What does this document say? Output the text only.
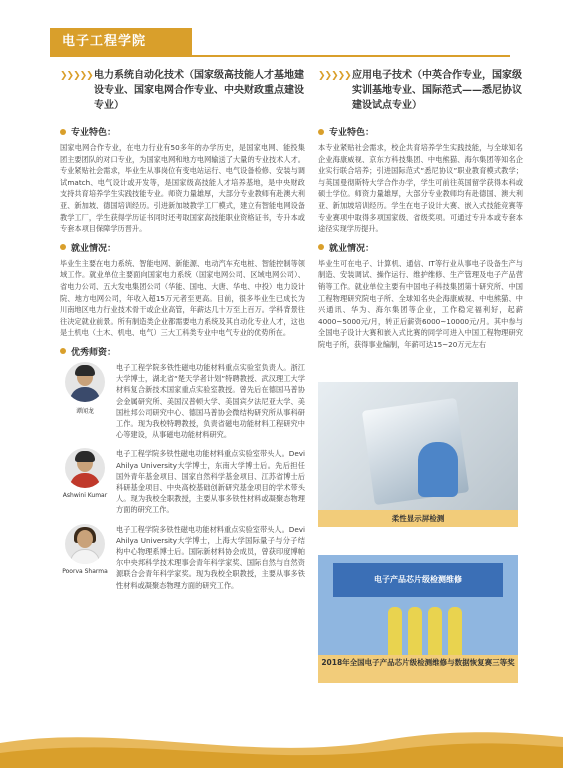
电子工程学院
❯❯❯❯❯ 电力系统自动化技术（国家级高技能人才基地建设专业、国家电网合作专业、中央财政重点建设专业）
专业特色：
国家电网合作专业，在电力行业有50多年的办学历史，是国家电网、能投集团主要团队的对口专业，为国家电网和地方电网输送了大量的专业技术人才。专业紧贴社会需求，毕业生从事岗位有变电站运行、电气设备检修、安装与调试match、电气设计或开发等，是国家级高技能人才培养基地，是中央财政支持共育培养学生实践技能专业。师资力量雄厚，大部分专业教师有赴澳大利亚、新加坡、德国培训经历。引进新加坡教学工厂模式，建立有智能电网设备教学工厂，学生获得学历证书同时还考取国家高技能职业资格证书，专升本或专套本项目保障学历晋升。
就业情况：
毕业生主要在电力系统、智能电网、新能源、电动汽车充电桩、智能控制等领域工作。就业单位主要面向国家电力系统（国家电网公司、区域电网公司）、省电力公司、五大发电集团公司（华能、国电、大唐、华电、中投）电力设计院、地方电网公司，年收入超15万元者至更高。目前，很多毕业生已成长为川南地区电力行业技术骨干或企业高管，年薪达几十万至上百万。学科背景往往决定就业前景。所有制造类企业都需要电力系统及其自动化专业人才，这也是土机电（土木、机电、电气）三大工科类专业中电气专业的优势所在。
优秀师资：
谭闻龙
电子工程学院多铁性磁电功能材料重点实验室负责人。浙江大学博士，湖北省“楚天学者计划”特聘教授、武汉理工大学材料复合新技术国家重点实验室教授。曾先后在德国马普协会金属研究所、美国汉普顿大学、美国宾夕法尼亚大学、美国杜邦公司研究中心、德国马普协会微结构研究所从事科研工作。现为我校特聘教授，负责省磁电功能材料工程研究中心等建设，从事磁电功能材料研究。
Ashwini Kumar
电子工程学院多铁性磁电功能材料重点实验室带头人。Devi Ahilya University大学博士，东南大学博士后。先后担任国外青年基金项目、国家自然科学基金项目、江苏省博士后科研基金项目、中央高校基础创新研究基金项目的学术带头人。现为我校全职教授，主要从事多铁性材料或凝聚态物理方面的研究工作。
Poorva Sharma
电子工程学院多铁性磁电功能材料重点实验室带头人。Devi Ahilya University大学博士，上海大学国际量子与分子结构中心物理系博士后。国际新材料协会成员，曾获印度博帕尔中央邦科学技术理事会青年科学家奖、国际自然与自然资源联合会青年科学家奖。现为我校全职教授，主要从事多铁性材料或凝聚态物理方面的研究工作。
❯❯❯❯❯ 应用电子技术（中英合作专业，国家级实训基地专业、国际范式——悉尼协议建设试点专业）
专业特色：
本专业紧贴社会需求，校企共育培养学生实践技能，与全球知名企业海康威视、京东方科技集团、中电熊猫、海尔集团等知名企业实行联合培养；引进国际范式“悉尼协议”职业教育模式教学；与英国曼彻斯特大学合作办学，学生可前往英国留学获得本科或硕士学位。师资力量雄厚，大部分专业教师均有赴德国、澳大利亚、新加坡培训经历。学生在电子设计大赛、嵌入式技能竞赛等专业赛项中取得多项国家级、省级奖项。可通过专升本或专套本途径实现学历提升。
就业情况：
毕业生可在电子、计算机、通信、IT等行业从事电子设备生产与制造、安装调试、操作运行、维护维修、生产管理及电子产品营销等工作。就业单位主要有中国电子科技集团第十研究所、中国工程物理研究院电子所、全球知名央企海康威视、中电熊猫、中兴通讯、华为、海尔集团等企业，工作稳定福利好，起薪4000~5000元/月，转正后薪资6000~10000元/月。其中参与全国电子设计大赛和嵌入式比赛的同学可进入中国工程物理研究院电子所，获得事业编制，年薪可达15~20万元左右
柔性显示屏检测
电子产品芯片级检测维修
2018年全国电子产品芯片级检测维修与数据恢复赛三等奖
